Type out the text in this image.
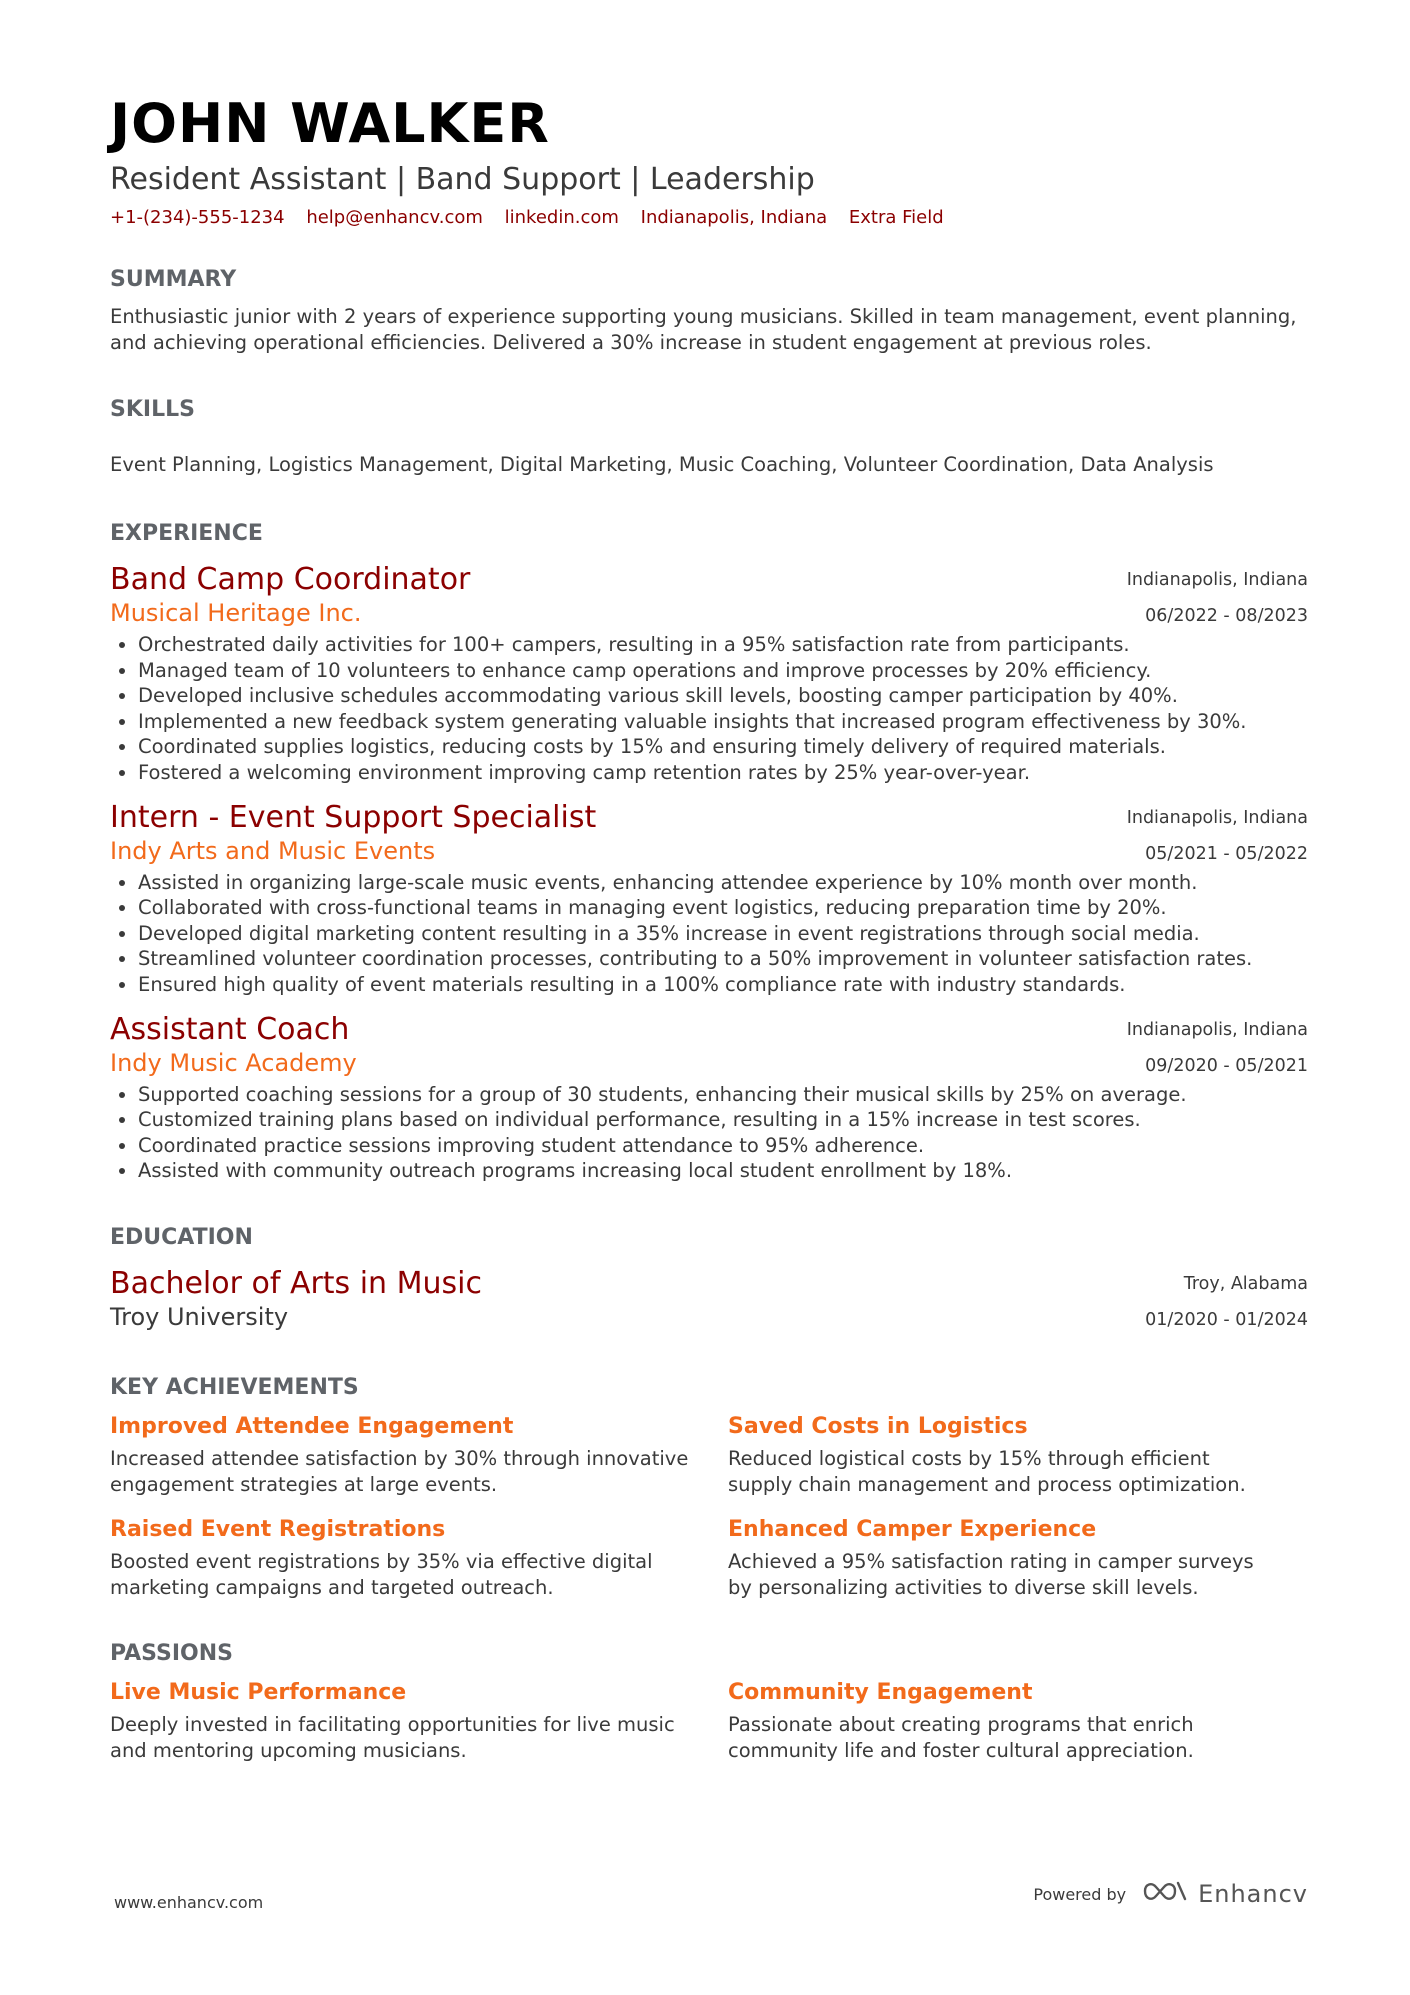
JOHN WALKER
Resident Assistant | Band Support | Leadership
+1-(234)-555-1234 help@enhancv.com linkedin.com Indianapolis, Indiana Extra Field
SUMMARY
Enthusiastic junior with 2 years of experience supporting young musicians. Skilled in team management, event planning, and achieving operational efficiencies. Delivered a 30% increase in student engagement at previous roles.
SKILLS
Event Planning, Logistics Management, Digital Marketing, Music Coaching, Volunteer Coordination, Data Analysis
EXPERIENCE
Band Camp Coordinator
Musical Heritage Inc.
Indianapolis, Indiana
06/2022 - 08/2023
• Orchestrated daily activities for 100+ campers, resulting in a 95% satisfaction rate from participants.
• Managed team of 10 volunteers to enhance camp operations and improve processes by 20% efficiency.
• Developed inclusive schedules accommodating various skill levels, boosting camper participation by 40%.
• Implemented a new feedback system generating valuable insights that increased program effectiveness by 30%.
• Coordinated supplies logistics, reducing costs by 15% and ensuring timely delivery of required materials.
• Fostered a welcoming environment improving camp retention rates by 25% year-over-year.
Intern - Event Support Specialist
Indy Arts and Music Events
Indianapolis, Indiana
05/2021 - 05/2022
• Assisted in organizing large-scale music events, enhancing attendee experience by 10% month over month.
• Collaborated with cross-functional teams in managing event logistics, reducing preparation time by 20%.
• Developed digital marketing content resulting in a 35% increase in event registrations through social media.
• Streamlined volunteer coordination processes, contributing to a 50% improvement in volunteer satisfaction rates.
• Ensured high quality of event materials resulting in a 100% compliance rate with industry standards.
Assistant Coach
Indy Music Academy
Indianapolis, Indiana
09/2020 - 05/2021
• Supported coaching sessions for a group of 30 students, enhancing their musical skills by 25% on average.
• Customized training plans based on individual performance, resulting in a 15% increase in test scores.
• Coordinated practice sessions improving student attendance to 95% adherence.
• Assisted with community outreach programs increasing local student enrollment by 18%.
EDUCATION
Bachelor of Arts in Music
Troy University
Troy, Alabama
01/2020 - 01/2024
KEY ACHIEVEMENTS
Improved Attendee Engagement
Increased attendee satisfaction by 30% through innovative engagement strategies at large events.
Saved Costs in Logistics
Reduced logistical costs by 15% through efficient supply chain management and process optimization.
Raised Event Registrations
Boosted event registrations by 35% via effective digital marketing campaigns and targeted outreach.
Enhanced Camper Experience
Achieved a 95% satisfaction rating in camper surveys by personalizing activities to diverse skill levels.
PASSIONS
Live Music Performance
Deeply invested in facilitating opportunities for live music and mentoring upcoming musicians.
Community Engagement
Passionate about creating programs that enrich community life and foster cultural appreciation.
www.enhancv.com	Powered by	Enhancv
